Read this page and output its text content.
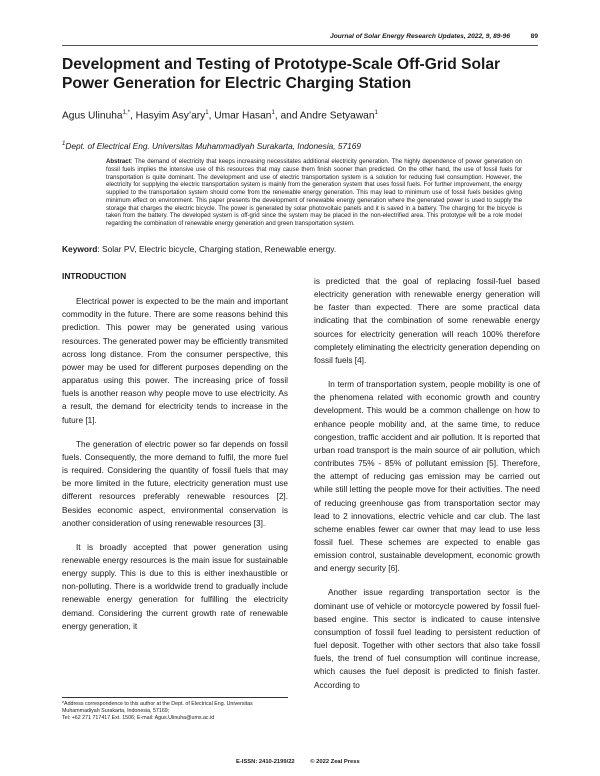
Journal of Solar Energy Research Updates, 2022, 9, 89-96	89
Development and Testing of Prototype-Scale Off-Grid Solar Power Generation for Electric Charging Station
Agus Ulinuha$^{1,*}$, Hasyim Asy’ary$^1$, Umar Hasan$^1$, and Andre Setyawan$^1$
$^1$Dept. of Electrical Eng. Universitas Muhammadiyah Surakarta, Indonesia, 57169
Abstract: The demand of electricity that keeps increasing necessitates additional electricity generation. The highly dependence of power generation on fossil fuels implies the intensive use of this resources that may cause them finish sooner than predicted. On the other hand, the use of fossil fuels for transportation is quite dominant. The development and use of electric transportation system is a solution for reducing fuel consumption. However, the electricity for supplying the electric transportation system is mainly from the generation system that uses fossil fuels. For further improvement, the energy supplied to the transportation system should come from the renewable energy generation. This may lead to minimum use of fossil fuels besides giving minimum effect on environment. This paper presents the development of renewable energy generation where the generated power is used to supply the storage that charges the electric bicycle. The power is generated by solar photovoltaic panels and it is saved in a battery. The charging for the bicycle is taken from the battery. The developed system is off-grid since the system may be placed in the non-electrified area. This prototype will be a role model regarding the combination of renewable energy generation and green transportation system.
Keyword: Solar PV, Electric bicycle, Charging station, Renewable energy.
INTRODUCTION

Electrical power is expected to be the main and important commodity in the future. There are some reasons behind this prediction. This power may be generated using various resources. The generated power may be efficiently transmited across long distance. From the consumer perspective, this power may be used for different purposes depending on the apparatus using this power. The increasing price of fossil fuels is another reason why people move to use electricity. As a result, the demand for electricity tends to increase in the future [1].

The generation of electric power so far depends on fossil fuels. Consequently, the more demand to fulfil, the more fuel is required. Considering the quantity of fossil fuels that may be more limited in the future, electricity generation must use different resources preferably renewable resources [2]. Besides economic aspect, environmental conservation is another consideration of using renewable resources [3].

It is broadly accepted that power generation using renewable energy resources is the main issue for sustainable energy supply. This is due to this is either inexhaustible or non-polluting. There is a worldwide trend to gradually include renewable energy generation for fulfilling the electricity demand. Considering the current growth rate of renewable energy generation, it

is predicted that the goal of replacing fossil-fuel based electricity generation with renewable energy generation will be faster than expected. There are some practical data indicating that the combination of some renewable energy sources for electricity generation will reach 100% therefore completely eliminating the electricity generation depending on fossil fuels [4].

In term of transportation system, people mobility is one of the phenomena related with economic growth and country development. This would be a common challenge on how to enhance people mobility and, at the same time, to reduce congestion, traffic accident and air pollution. It is reported that urban road transport is the main source of air pollution, which contributes 75% - 85% of pollutant emission [5]. Therefore, the attempt of reducing gas emission may be carried out while still letting the people move for their activities. The need of reducing greenhouse gas from transportation sector may lead to 2 innovations, electric vehicle and car club. The last scheme enables fewer car owner that may lead to use less fossil fuel. These schemes are expected to enable gas emission control, sustainable development, economic growth and energy security [6].

Another issue regarding transportation sector is the dominant use of vehicle or motorcycle powered by fossil fuel-based engine. This sector is indicated to cause intensive consumption of fossil fuel leading to persistent reduction of fuel deposit. Together with other sectors that also take fossil fuels, the trend of fuel consumption will continue increase, which causes the fuel deposit is predicted to finish faster. According to

*Address correspondence to this author at the Dept. of Electrical Eng. Universitas Muhammadiyah Surakarta, Indonesia, 57169;
Tel: +62 271 717417 Ext. 1506; E-mail: Agus.Ulinuha@ums.ac.id
E-ISSN: 2410-2199/22	© 2022 Zeal Press
